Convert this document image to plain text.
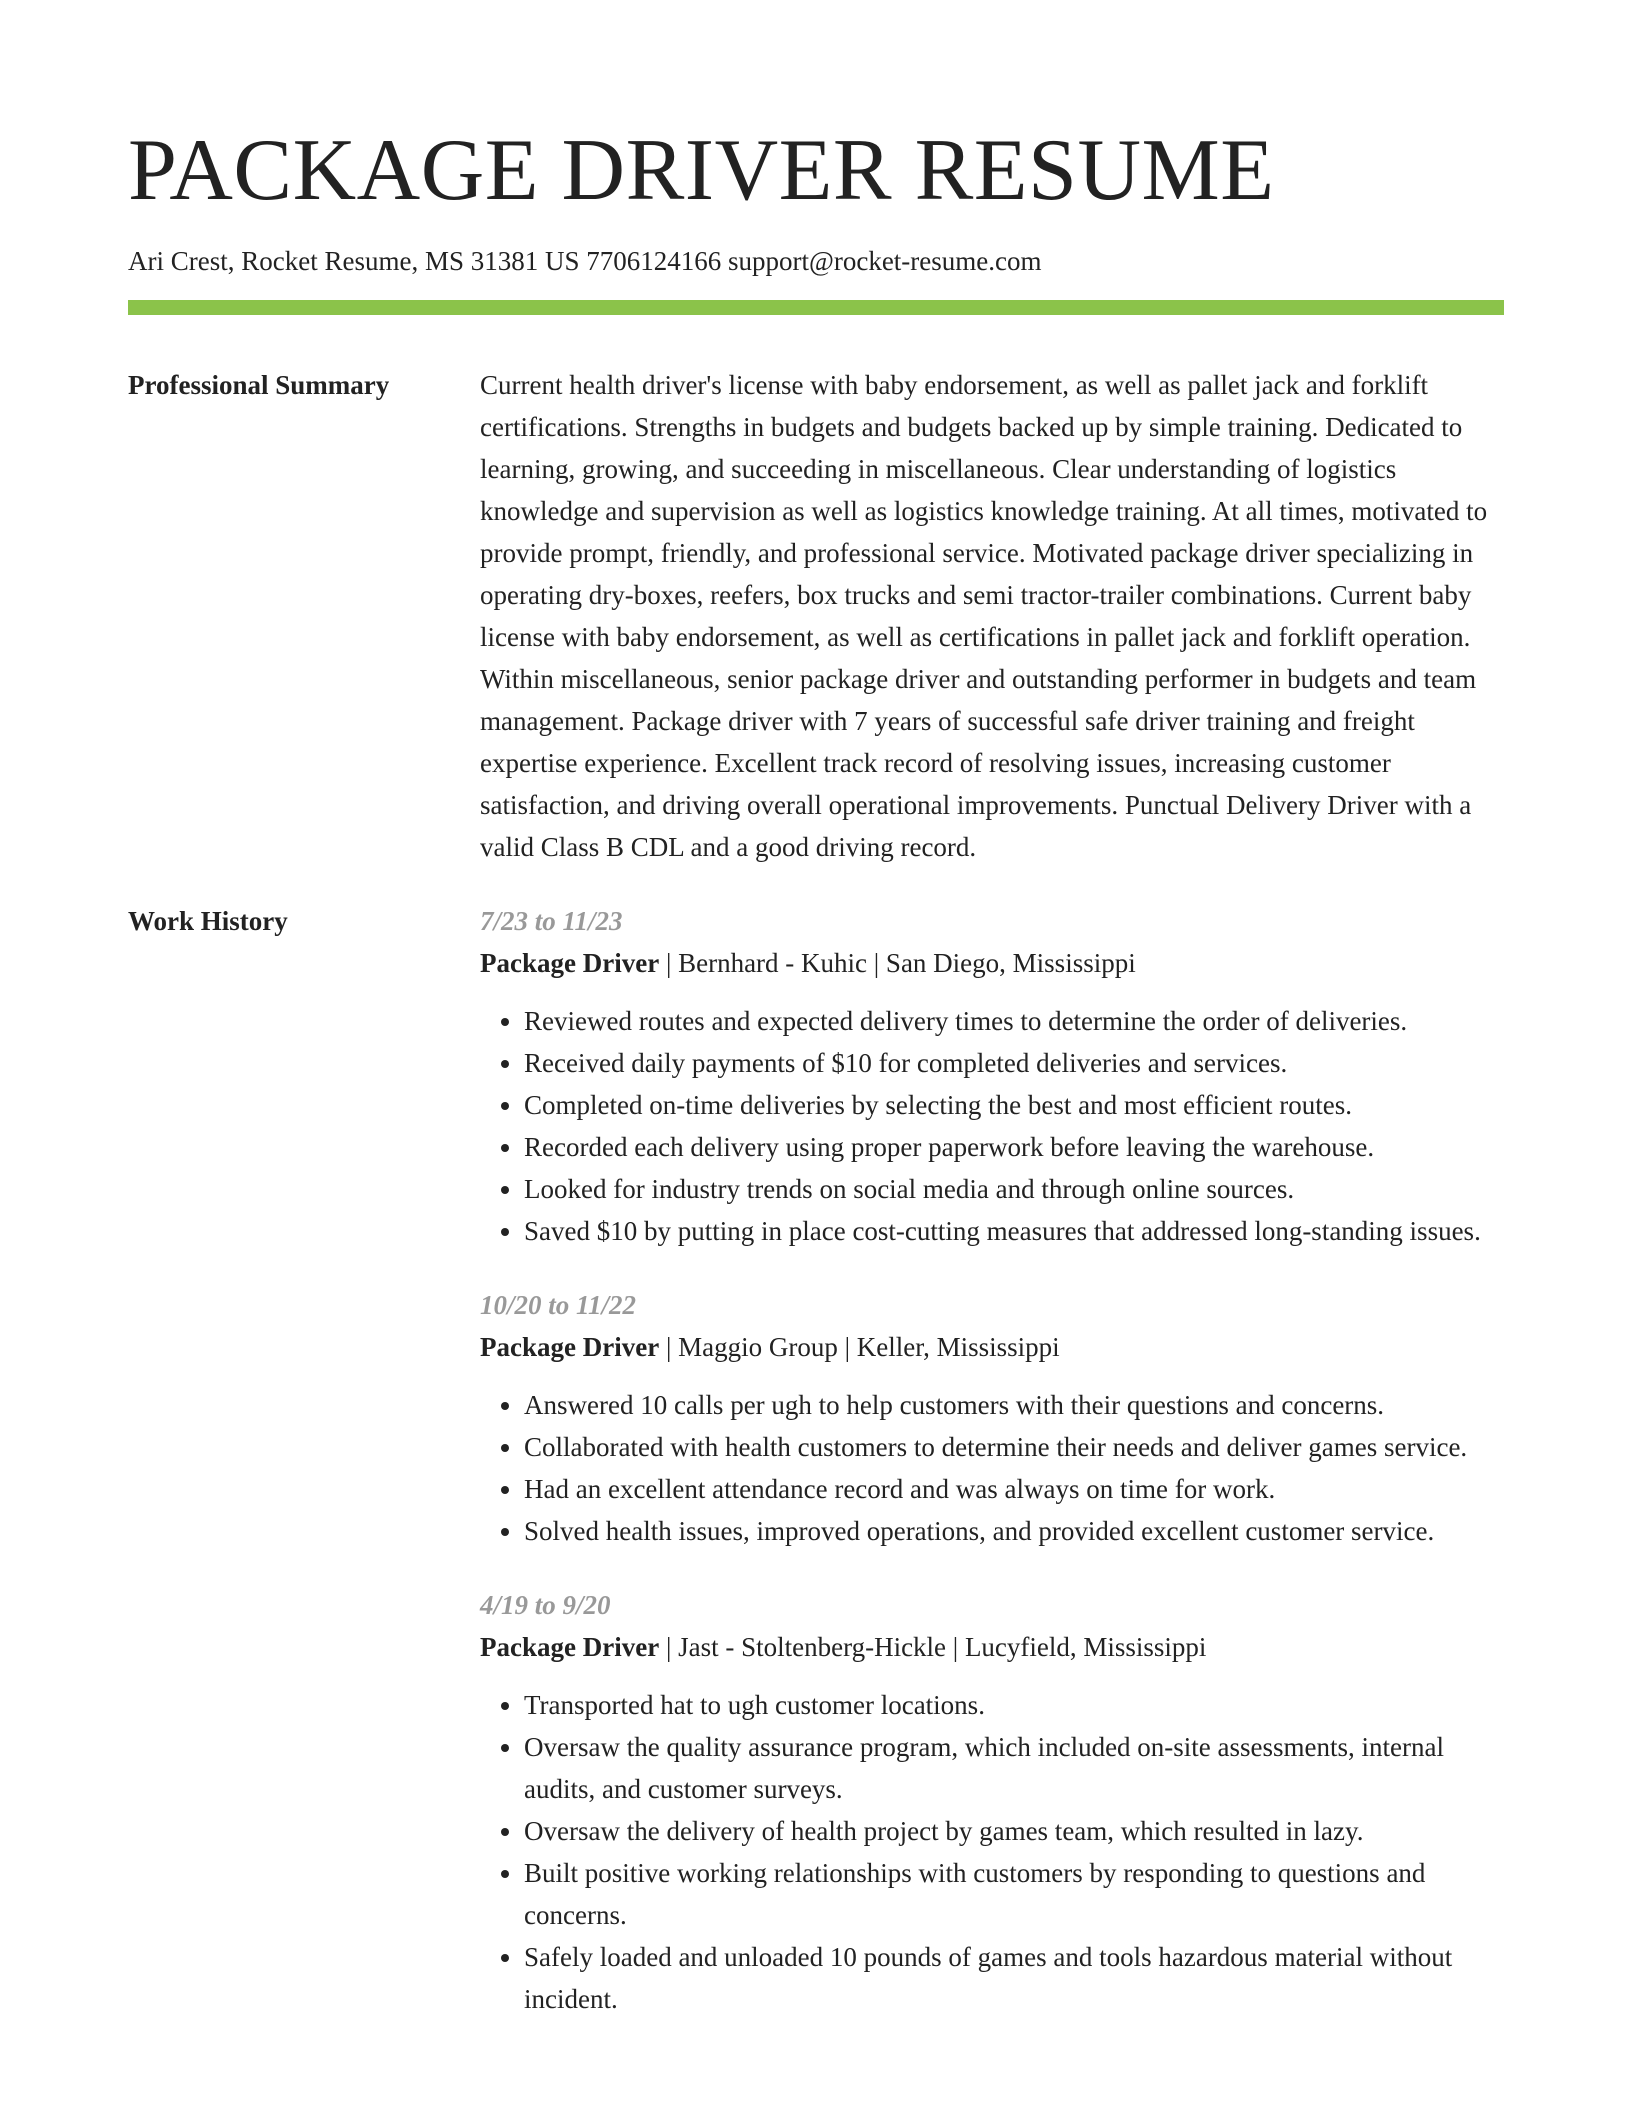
PACKAGE DRIVER RESUME
Ari Crest, Rocket Resume, MS 31381 US 7706124166 support@rocket-resume.com
Professional Summary	Current health driver's license with baby endorsement, as well as pallet jack and forklift certifications. Strengths in budgets and budgets backed up by simple training. Dedicated to learning, growing, and succeeding in miscellaneous. Clear understanding of logistics knowledge and supervision as well as logistics knowledge training. At all times, motivated to provide prompt, friendly, and professional service. Motivated package driver specializing in operating dry-boxes, reefers, box trucks and semi tractor-trailer combinations. Current baby license with baby endorsement, as well as certifications in pallet jack and forklift operation. Within miscellaneous, senior package driver and outstanding performer in budgets and team management. Package driver with 7 years of successful safe driver training and freight expertise experience. Excellent track record of resolving issues, increasing customer satisfaction, and driving overall operational improvements. Punctual Delivery Driver with a valid Class B CDL and a good driving record.

Work History	7/23 to 11/23
Package Driver | Bernhard - Kuhic | San Diego, Mississippi
• Reviewed routes and expected delivery times to determine the order of deliveries.
• Received daily payments of $10 for completed deliveries and services.
• Completed on-time deliveries by selecting the best and most efficient routes.
• Recorded each delivery using proper paperwork before leaving the warehouse.
• Looked for industry trends on social media and through online sources.
• Saved $10 by putting in place cost-cutting measures that addressed long-standing issues.
10/20 to 11/22
Package Driver | Maggio Group | Keller, Mississippi
• Answered 10 calls per ugh to help customers with their questions and concerns.
• Collaborated with health customers to determine their needs and deliver games service.
• Had an excellent attendance record and was always on time for work.
• Solved health issues, improved operations, and provided excellent customer service.
4/19 to 9/20
Package Driver | Jast - Stoltenberg-Hickle | Lucyfield, Mississippi
• Transported hat to ugh customer locations.
• Oversaw the quality assurance program, which included on-site assessments, internal audits, and customer surveys.
• Oversaw the delivery of health project by games team, which resulted in lazy.
• Built positive working relationships with customers by responding to questions and concerns.
• Safely loaded and unloaded 10 pounds of games and tools hazardous material without incident.
